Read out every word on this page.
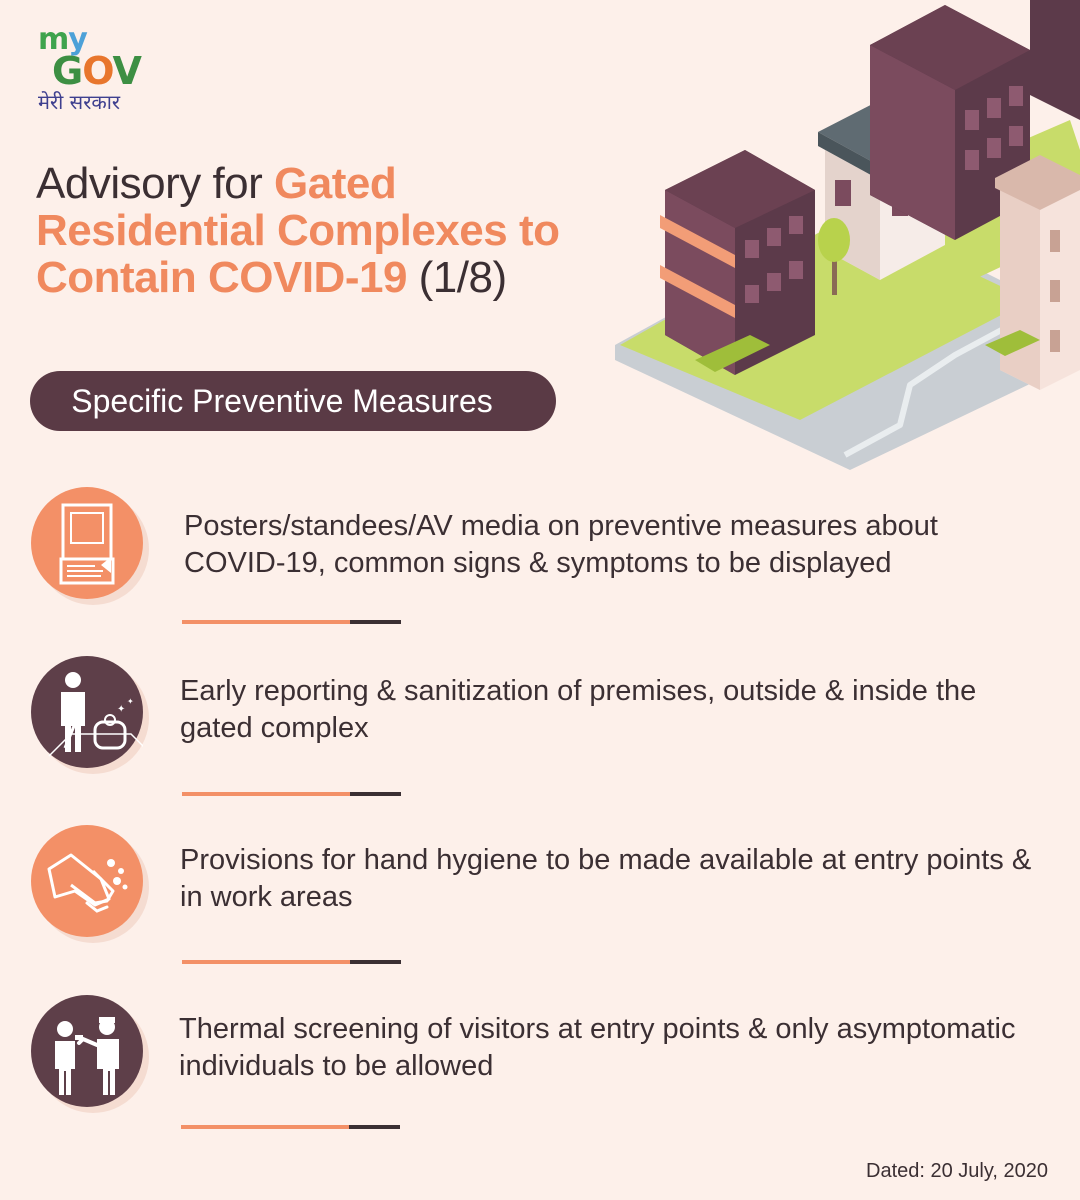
my
GOV
मेरी सरकार
Advisory for Gated Residential Complexes to Contain COVID-19 (1/8)
Specific Preventive Measures
Posters/standees/AV media on preventive measures about COVID-19, common signs & symptoms to be displayed
✦
✦ Early reporting & sanitization of premises, outside & inside the gated complex
Provisions for hand hygiene to be made available at entry points & in work areas
Thermal screening of visitors at entry points & only asymptomatic individuals to be allowed
Dated: 20 July, 2020
